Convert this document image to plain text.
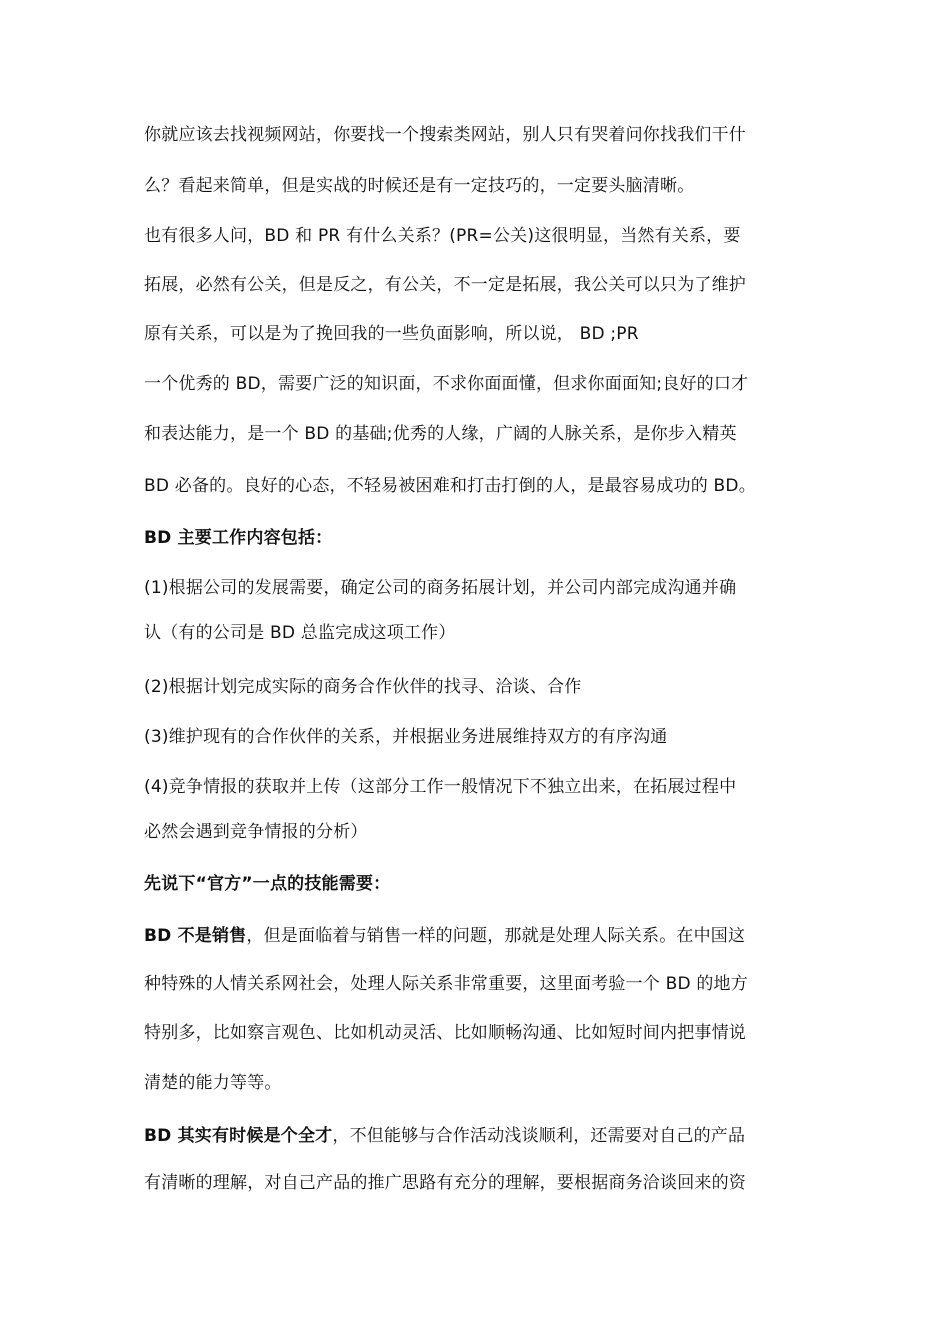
你就应该去找视频网站，你要找一个搜索类网站，别人只有哭着问你找我们干什
么？看起来简单，但是实战的时候还是有一定技巧的，一定要头脑清晰。
也有很多人问，BD 和 PR 有什么关系？(PR=公关)这很明显，当然有关系，要
拓展，必然有公关，但是反之，有公关，不一定是拓展，我公关可以只为了维护
原有关系，可以是为了挽回我的一些负面影响，所以说， BD ;PR
一个优秀的 BD，需要广泛的知识面，不求你面面懂，但求你面面知;良好的口才
和表达能力，是一个 BD 的基础;优秀的人缘，广阔的人脉关系，是你步入精英
BD 必备的。良好的心态，不轻易被困难和打击打倒的人，是最容易成功的 BD。
BD 主要工作内容包括：
(1)根据公司的发展需要，确定公司的商务拓展计划，并公司内部完成沟通并确
认（有的公司是 BD 总监完成这项工作）
(2)根据计划完成实际的商务合作伙伴的找寻、洽谈、合作
(3)维护现有的合作伙伴的关系，并根据业务进展维持双方的有序沟通
(4)竞争情报的获取并上传（这部分工作一般情况下不独立出来，在拓展过程中
必然会遇到竞争情报的分析）
先说下“官方”一点的技能需要：
BD 不是销售，但是面临着与销售一样的问题，那就是处理人际关系。在中国这
种特殊的人情关系网社会，处理人际关系非常重要，这里面考验一个 BD 的地方
特别多，比如察言观色、比如机动灵活、比如顺畅沟通、比如短时间内把事情说
清楚的能力等等。
BD 其实有时候是个全才，不但能够与合作活动浅谈顺利，还需要对自己的产品
有清晰的理解，对自己产品的推广思路有充分的理解，要根据商务洽谈回来的资
